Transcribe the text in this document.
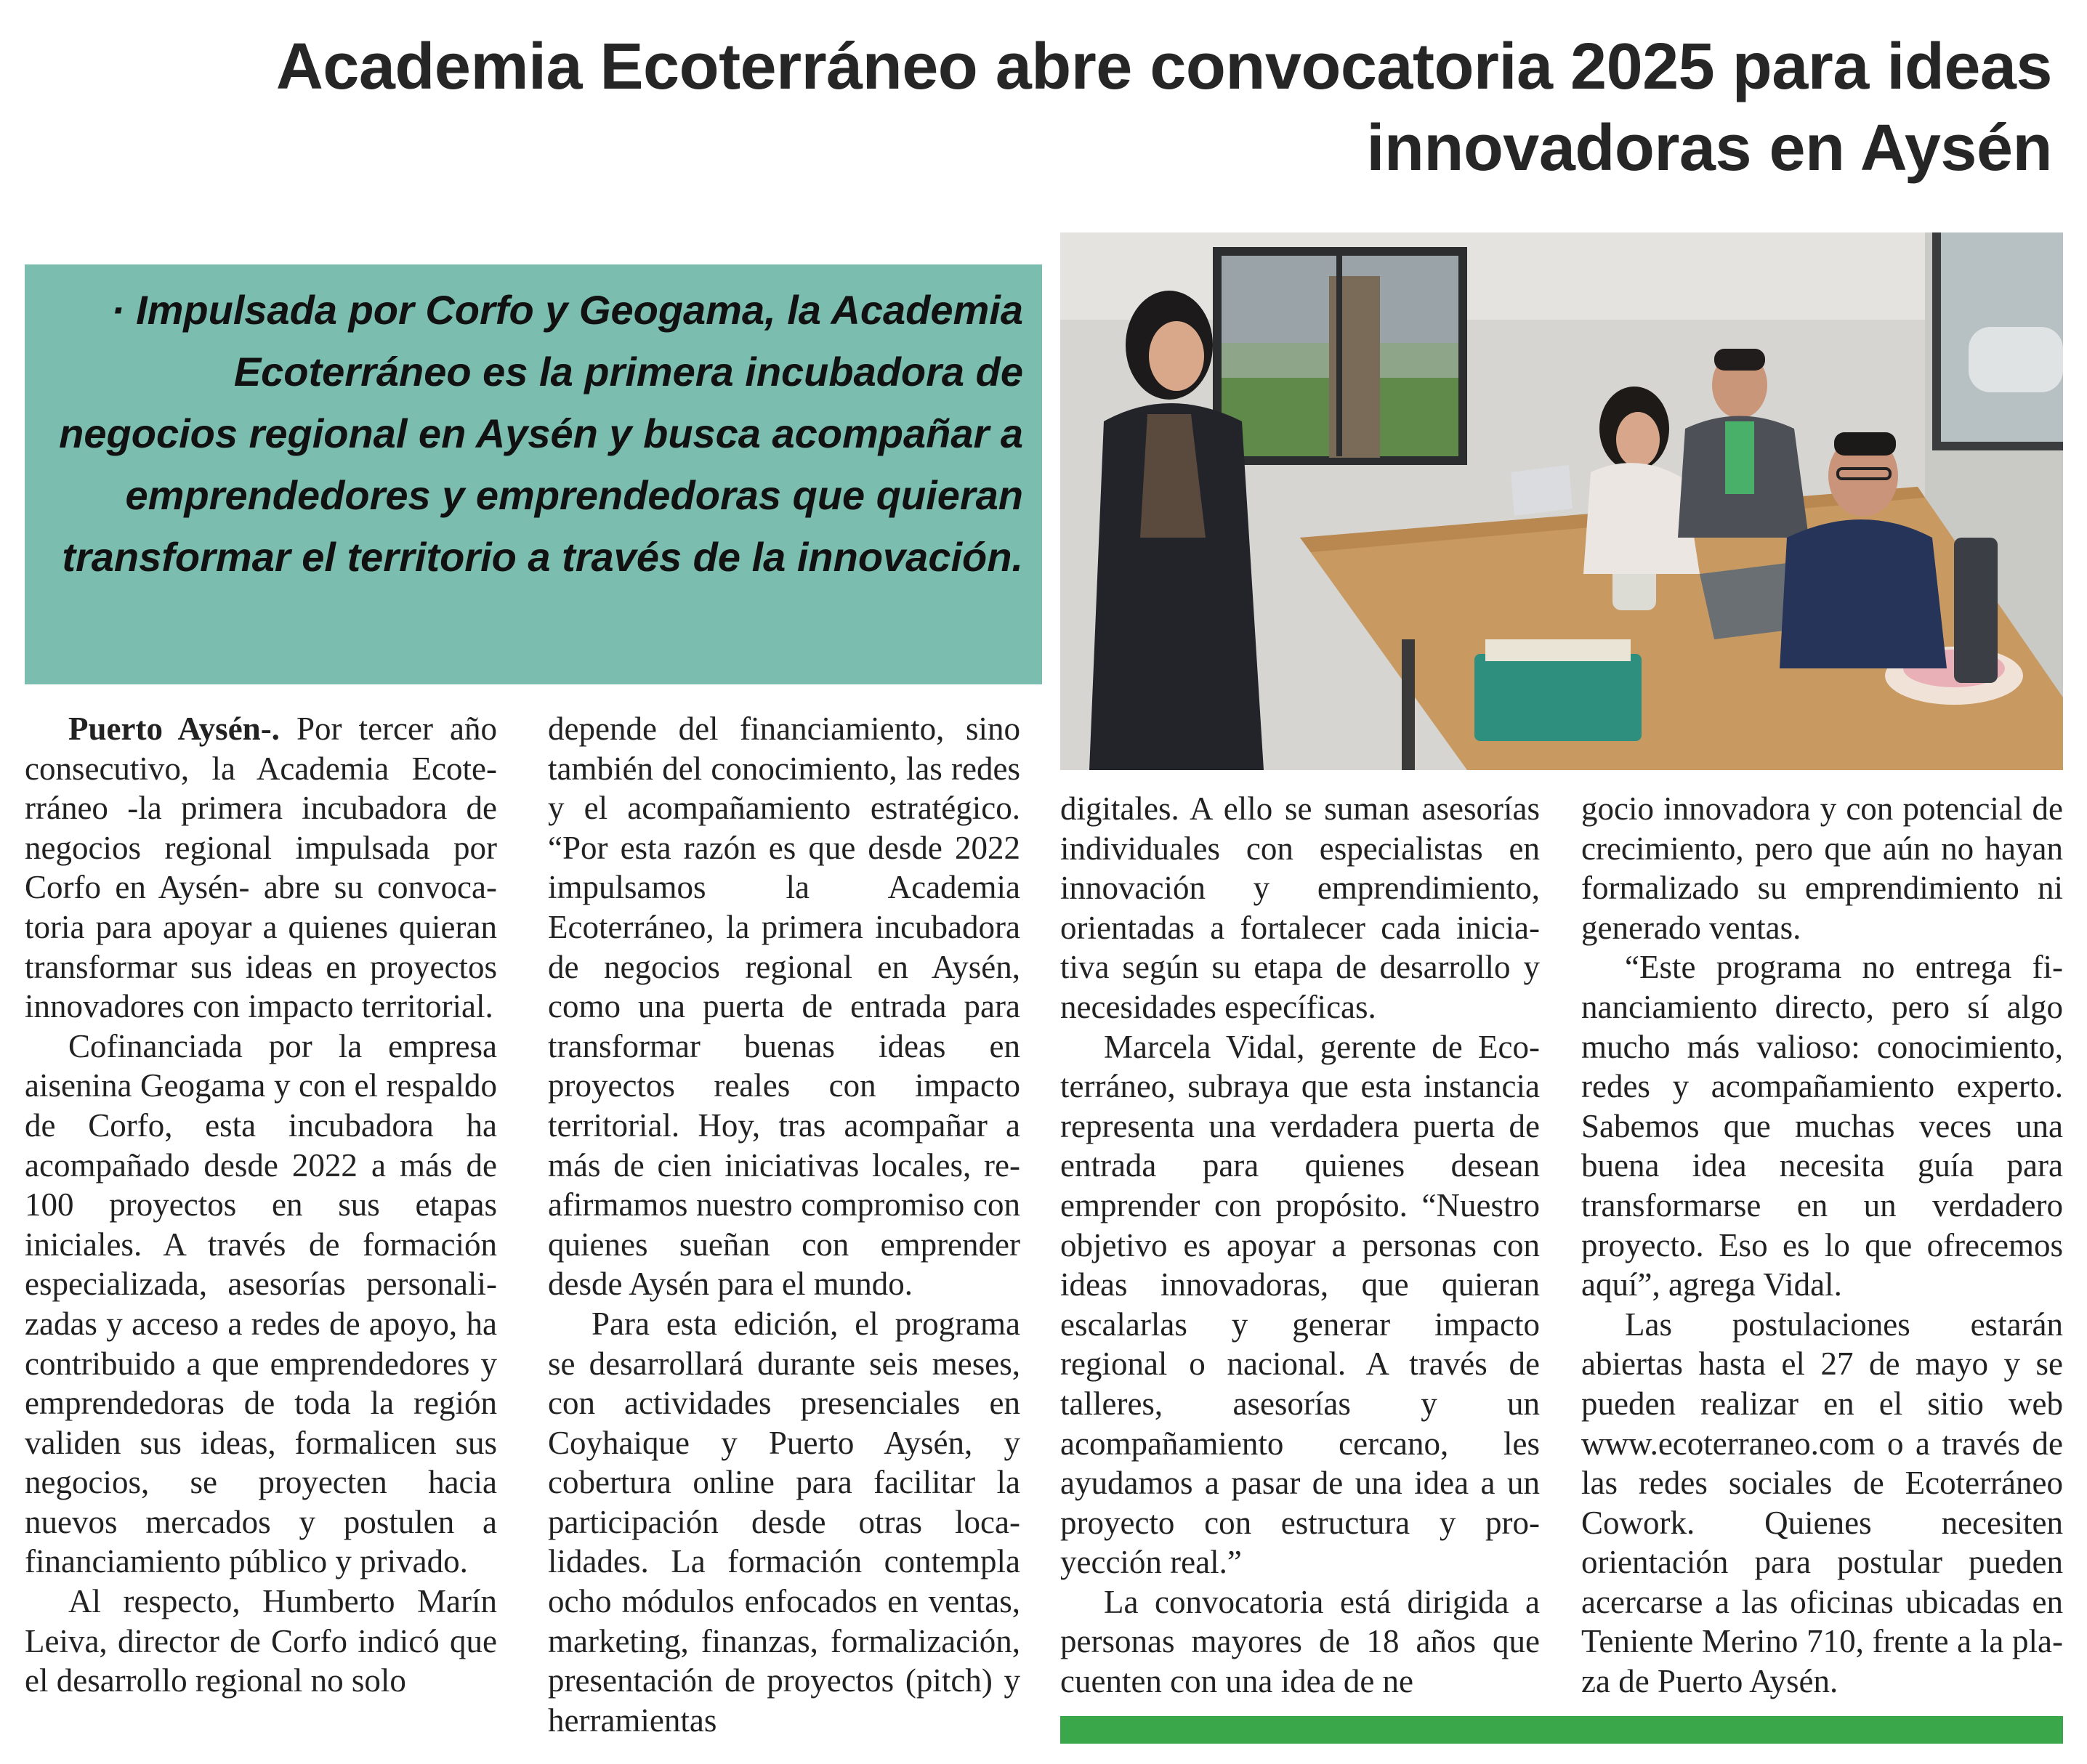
Academia Ecoterráneo abre convocatoria 2025 para ideas innovadoras en Aysén

· Impulsada por Corfo y Geogama, la Academia Ecoterráneo es la primera incubadora de negocios regional en Aysén y busca acompañar a emprendedores y emprendedoras que quieran transformar el territorio a través de la innovación.

Puerto Aysén-. Por tercer año consecutivo, la Academia Ecoterráneo -la primera incubadora de negocios regional impulsada por Corfo en Aysén- abre su convocatoria para apoyar a quienes quieran transformar sus ideas en proyectos innovadores con impacto territorial.

Cofinanciada por la empresa aisenina Geogama y con el respaldo de Corfo, esta incubadora ha acompañado desde 2022 a más de 100 proyectos en sus etapas iniciales. A través de formación especializada, asesorías personalizadas y acceso a redes de apoyo, ha contribuido a que emprendedores y emprendedoras de toda la región validen sus ideas, formalicen sus negocios, se proyecten hacia nuevos mercados y postulen a financiamiento público y privado.

Al respecto, Humberto Marín Leiva, director de Corfo indicó que el desarrollo regional no solo

depende del financiamiento, sino también del conocimiento, las redes y el acompañamiento estratégico. “Por esta razón es que desde 2022 impulsamos la Academia Ecoterráneo, la primera incubadora de negocios regional en Aysén, como una puerta de entrada para transformar buenas ideas en proyectos reales con impacto territorial. Hoy, tras acompañar a más de cien iniciativas locales, reafirmamos nuestro compromiso con quienes sueñan con emprender desde Aysén para el mundo.

Para esta edición, el programa se desarrollará durante seis meses, con actividades presenciales en Coyhaique y Puerto Aysén, y cobertura online para facilitar la participación desde otras localidades. La formación contempla ocho módulos enfocados en ventas, marketing, finanzas, formalización, presentación de proyectos (pitch) y herramientas

digitales. A ello se suman asesorías individuales con especialistas en innovación y emprendimiento, orientadas a fortalecer cada iniciativa según su etapa de desarrollo y necesidades específicas.

Marcela Vidal, gerente de Ecoterráneo, subraya que esta instancia representa una verdadera puerta de entrada para quienes desean emprender con propósito. “Nuestro objetivo es apoyar a personas con ideas innovadoras, que quieran escalarlas y generar impacto regional o nacional. A través de talleres, asesorías y un acompañamiento cercano, les ayudamos a pasar de una idea a un proyecto con estructura y proyección real.”

La convocatoria está dirigida a personas mayores de 18 años que cuenten con una idea de ne

gocio innovadora y con potencial de crecimiento, pero que aún no hayan formalizado su emprendimiento ni generado ventas.

“Este programa no entrega financiamiento directo, pero sí algo mucho más valioso: conocimiento, redes y acompañamiento experto. Sabemos que muchas veces una buena idea necesita guía para transformarse en un verdadero proyecto. Eso es lo que ofrecemos aquí”, agrega Vidal.

Las postulaciones estarán abiertas hasta el 27 de mayo y se pueden realizar en el sitio web www.ecoterraneo.com o a través de las redes sociales de Ecoterráneo Cowork. Quienes necesiten orientación para postular pueden acercarse a las oficinas ubicadas en Teniente Merino 710, frente a la plaza de Puerto Aysén.
